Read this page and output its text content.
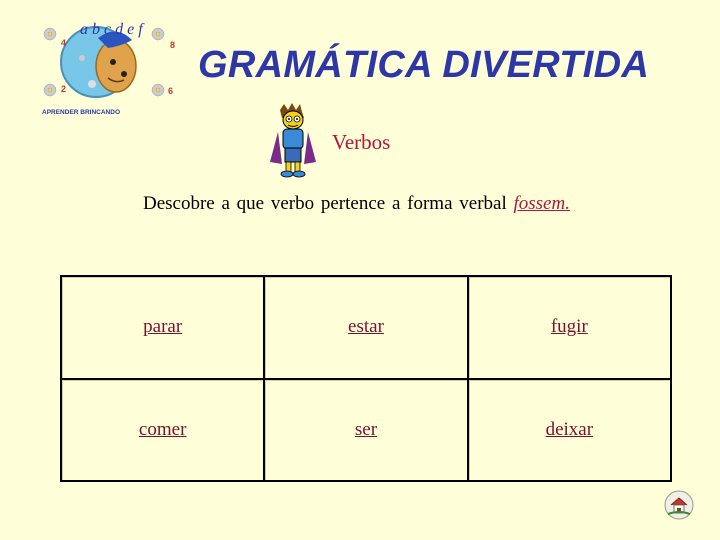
a b c d e f
4	8
2	6
APRENDER BRINCANDO
GRAMÁTICA DIVERTIDA
Verbos
Descobre a que verbo pertence a forma verbal fossem.
parar	estar	fugir
comer	ser	deixar
